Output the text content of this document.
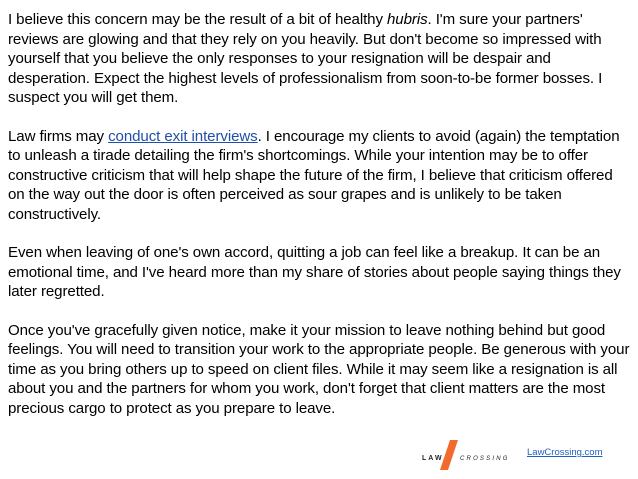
I believe this concern may be the result of a bit of healthy hubris. I'm sure your partners' reviews are glowing and that they rely on you heavily. But don't become so impressed with yourself that you believe the only responses to your resignation will be despair and desperation. Expect the highest levels of professionalism from soon-to-be former bosses. I suspect you will get them.

Law firms may conduct exit interviews. I encourage my clients to avoid (again) the temptation to unleash a tirade detailing the firm's shortcomings. While your intention may be to offer constructive criticism that will help shape the future of the firm, I believe that criticism offered on the way out the door is often perceived as sour grapes and is unlikely to be taken constructively.

Even when leaving of one's own accord, quitting a job can feel like a breakup. It can be an emotional time, and I've heard more than my share of stories about people saying things they later regretted.

Once you've gracefully given notice, make it your mission to leave nothing behind but good feelings. You will need to transition your work to the appropriate people. Be generous with your time as you bring others up to speed on client files. While it may seem like a resignation is all about you and the partners for whom you work, don't forget that client matters are the most precious cargo to protect as you prepare to leave.

LAW	CROSSING
LawCrossing.com
